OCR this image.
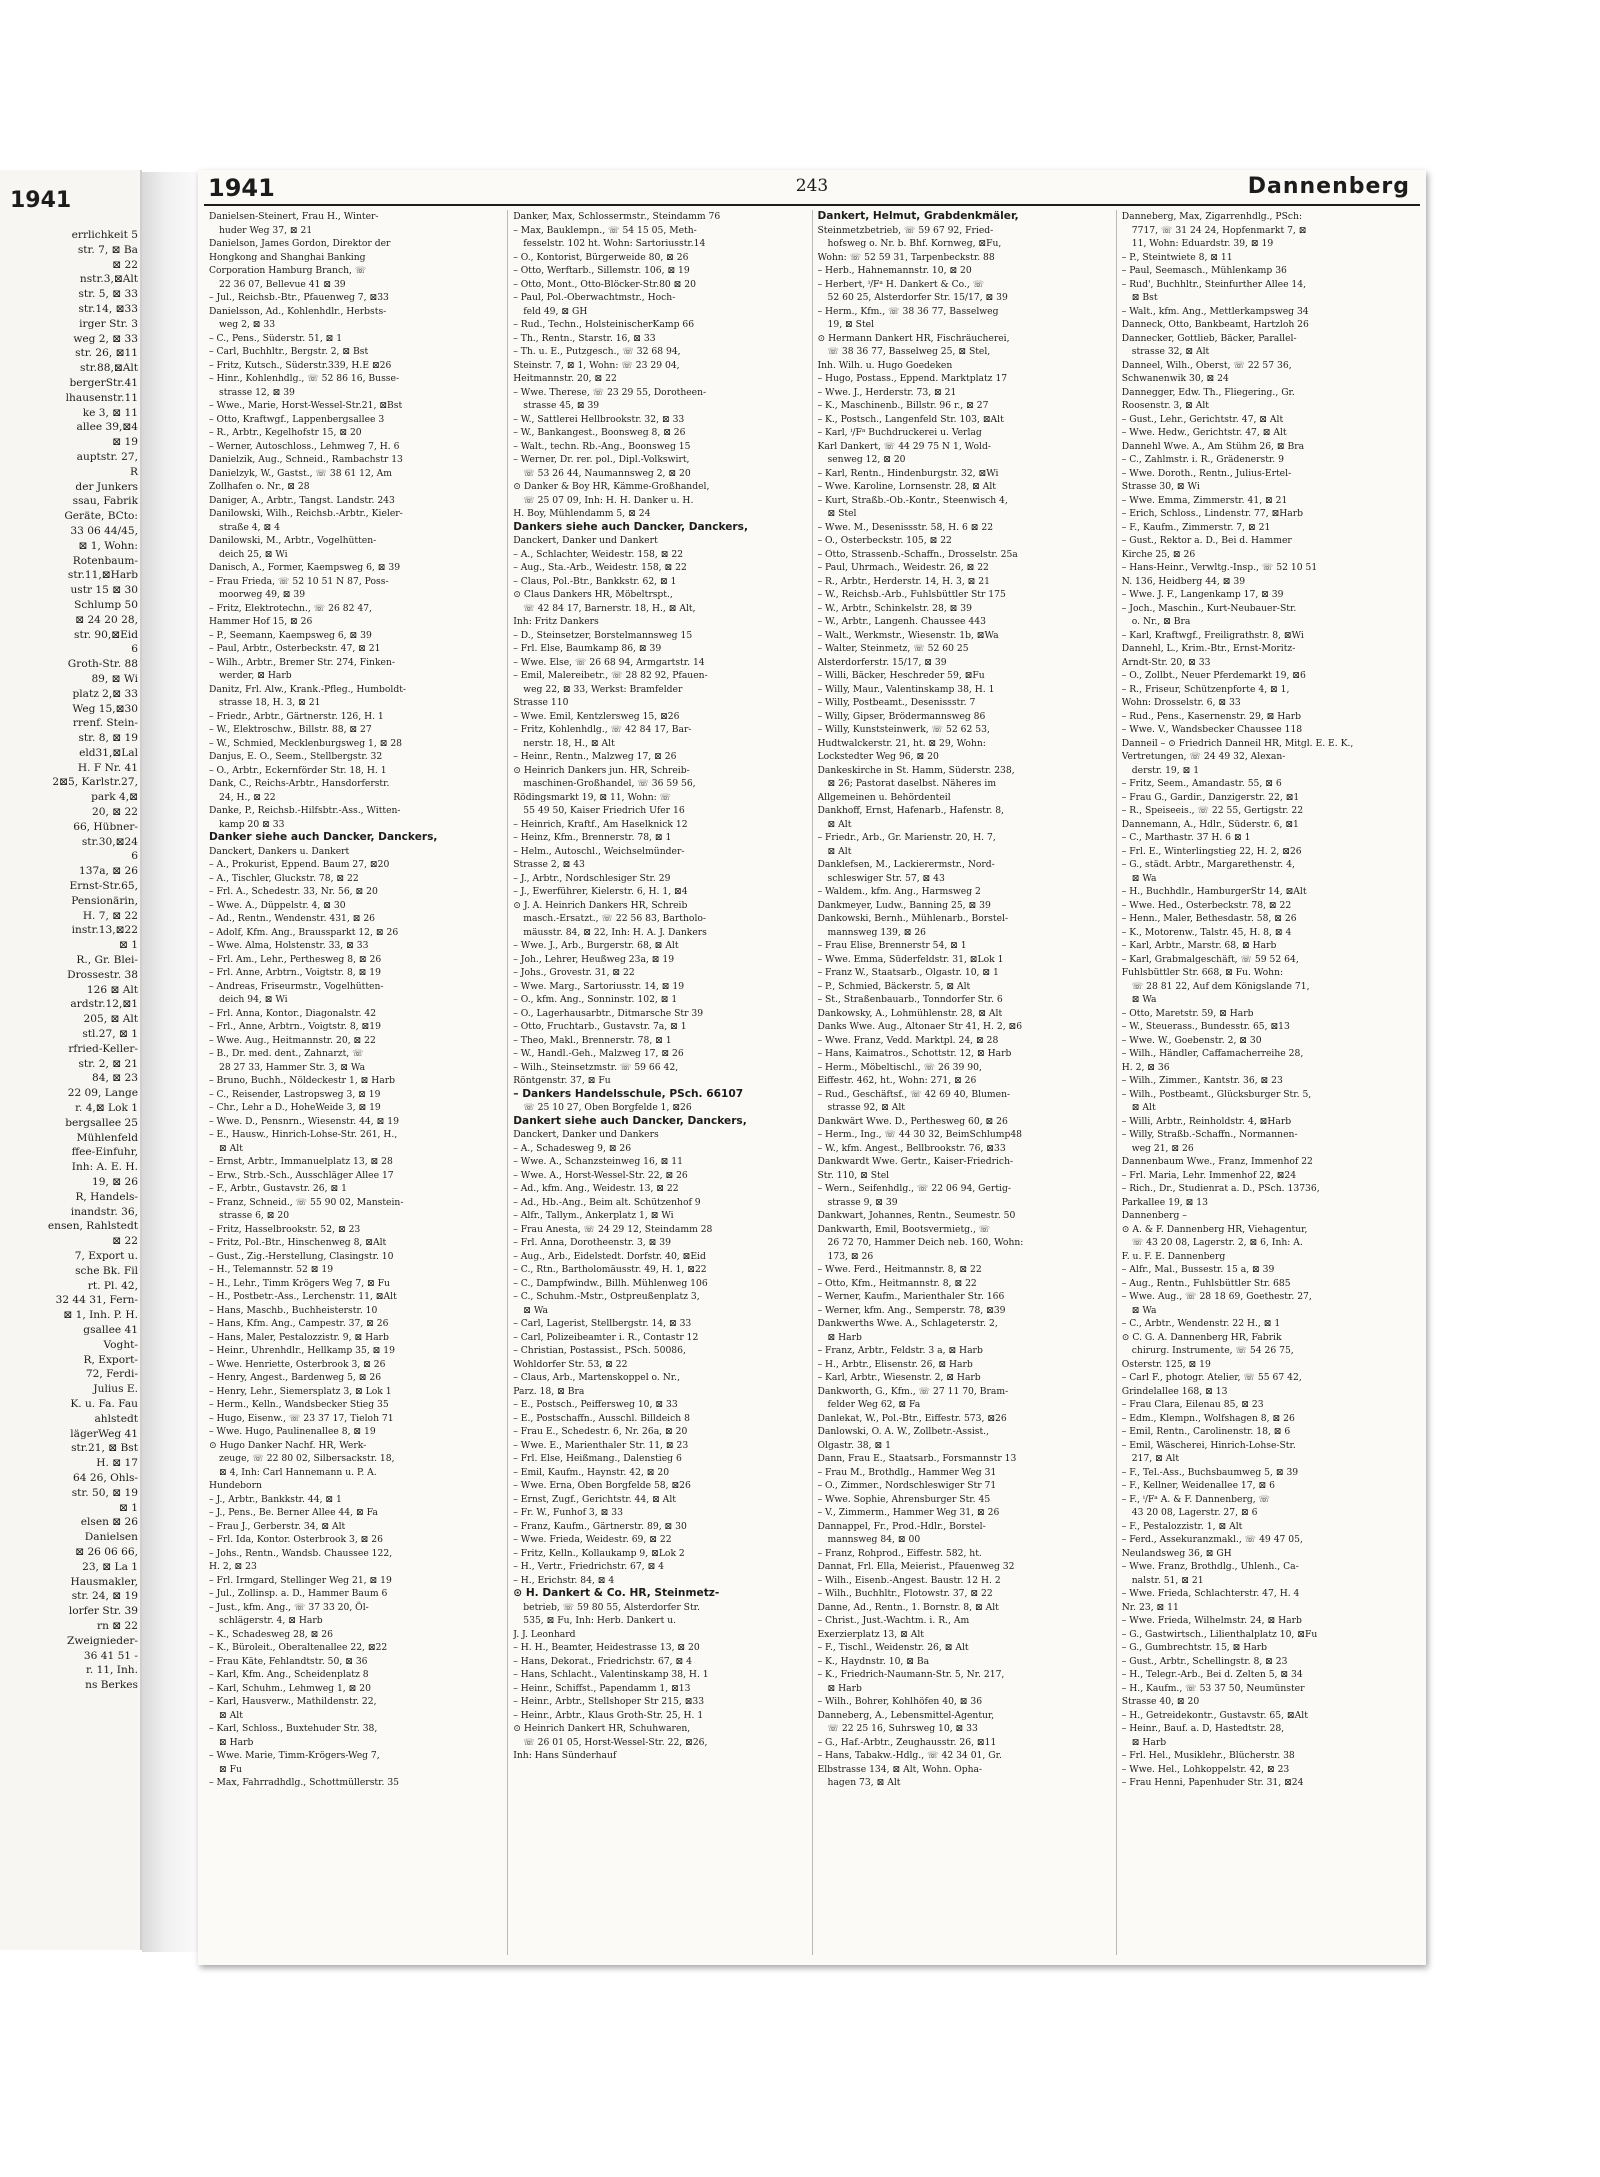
1941
errlichkeit 5
str. 7, ⊠ Ba
⊠ 22
nstr.3,⊠Alt
str. 5, ⊠ 33
str.14, ⊠33
irger Str. 3
weg 2, ⊠ 33
str. 26, ⊠11
str.88,⊠Alt
bergerStr.41
lhausenstr.11
ke 3, ⊠ 11
allee 39,⊠4
⊠ 19
auptstr. 27,
R
der Junkers
ssau, Fabrik
Geräte, BCto:
33 06 44/45,
⊠ 1, Wohn:
Rotenbaum-
str.11,⊠Harb
ustr 15 ⊠ 30
Schlump 50
⊠ 24 20 28,
str. 90,⊠Eid
6
Groth-Str. 88
89, ⊠ Wi
platz 2,⊠ 33
Weg 15,⊠30
rrenf. Stein-
str. 8, ⊠ 19
eld31,⊠Lal
H. F Nr. 41
2⊠5, Karlstr.27,
park 4,⊠
20, ⊠ 22
66, Hübner-
str.30,⊠24
6
137a, ⊠ 26
Ernst-Str.65,
Pensionärin,
H. 7, ⊠ 22
instr.13,⊠22
⊠ 1
R., Gr. Blei-
Drossestr. 38
126 ⊠ Alt
ardstr.12,⊠1
205, ⊠ Alt
stl.27, ⊠ 1
rfried-Keller-
str. 2, ⊠ 21
84, ⊠ 23
22 09, Lange
r. 4,⊠ Lok 1
bergsallee 25
Mühlenfeld
ffee-Einfuhr,
Inh: A. E. H.
19, ⊠ 26
R, Handels-
inandstr. 36,
ensen, Rahlstedt
⊠ 22
7, Export u.
sche Bk. Fil
rt. Pl. 42,
32 44 31, Fern-
⊠ 1, Inh. P. H.
gsallee 41
Voght-
R, Export-
72, Ferdi-
Julius E.
K. u. Fa. Fau
ahlstedt
lägerWeg 41
str.21, ⊠ Bst
H. ⊠ 17
64 26, Ohls-
str. 50, ⊠ 19
⊠ 1
elsen ⊠ 26
Danielsen
⊠ 26 06 66,
23, ⊠ La 1
Hausmakler,
str. 24, ⊠ 19
lorfer Str. 39
rn ⊠ 22
Zweignieder-
36 41 51 -
r. 11, Inh.
ns Berkes
1941	243	Dannenberg

Danielsen-Steinert, Frau H., Winter-

huder Weg 37, ⊠ 21

Danielson, James Gordon, Direktor der

Hongkong and Shanghai Banking

Corporation Hamburg Branch, ☏

22 36 07, Bellevue 41 ⊠ 39

– Jul., Reichsb.-Btr., Pfauenweg 7, ⊠33

Danielsson, Ad., Kohlenhdlr., Herbsts-

weg 2, ⊠ 33

– C., Pens., Süderstr. 51, ⊠ 1

– Carl, Buchhltr., Bergstr. 2, ⊠ Bst

– Fritz, Kutsch., Süderstr.339, H.E ⊠26

– Hinr., Kohlenhdlg., ☏ 52 86 16, Busse-

strasse 12, ⊠ 39

– Wwe., Marie, Horst-Wessel-Str.21, ⊠Bst

– Otto, Kraftwgf., Lappenbergsallee 3

– R., Arbtr., Kegelhofstr 15, ⊠ 20

– Werner, Autoschloss., Lehmweg 7, H. 6

Danielzik, Aug., Schneid., Rambachstr 13

Danielzyk, W., Gastst., ☏ 38 61 12, Am

Zollhafen o. Nr., ⊠ 28

Daniger, A., Arbtr., Tangst. Landstr. 243

Danilowski, Wilh., Reichsb.-Arbtr., Kieler-

straße 4, ⊠ 4

Danilowski, M., Arbtr., Vogelhütten-

deich 25, ⊠ Wi

Danisch, A., Former, Kaempsweg 6, ⊠ 39

– Frau Frieda, ☏ 52 10 51 N 87, Poss-

moorweg 49, ⊠ 39

– Fritz, Elektrotechn., ☏ 26 82 47,

Hammer Hof 15, ⊠ 26

– P., Seemann, Kaempsweg 6, ⊠ 39

– Paul, Arbtr., Osterbeckstr. 47, ⊠ 21

– Wilh., Arbtr., Bremer Str. 274, Finken-

werder, ⊠ Harb

Danitz, Frl. Alw., Krank.-Pfleg., Humboldt-

strasse 18, H. 3, ⊠ 21

– Friedr., Arbtr., Gärtnerstr. 126, H. 1

– W., Elektroschw., Billstr. 88, ⊠ 27

– W., Schmied, Mecklenburgsweg 1, ⊠ 28

Danjus, E. O., Seem., Stellbergstr. 32

– O., Arbtr., Eckernförder Str. 18, H. 1

Dank, C., Reichs-Arbtr., Hansdorferstr.

24, H., ⊠ 22

Danke, P., Reichsb.-Hilfsbtr.-Ass., Witten-

kamp 20 ⊠ 33

Danker siehe auch Dancker, Danckers,

Danckert, Dankers u. Dankert

– A., Prokurist, Eppend. Baum 27, ⊠20

– A., Tischler, Gluckstr. 78, ⊠ 22

– Frl. A., Schedestr. 33, Nr. 56, ⊠ 20

– Wwe. A., Düppelstr. 4, ⊠ 30

– Ad., Rentn., Wendenstr. 431, ⊠ 26

– Adolf, Kfm. Ang., Braussparkt 12, ⊠ 26

– Wwe. Alma, Holstenstr. 33, ⊠ 33

– Frl. Am., Lehr., Perthesweg 8, ⊠ 26

– Frl. Anne, Arbtrn., Voigtstr. 8, ⊠ 19

– Andreas, Friseurmstr., Vogelhütten-

deich 94, ⊠ Wi

– Frl. Anna, Kontor., Diagonalstr. 42

– Frl., Anne, Arbtrn., Voigtstr. 8, ⊠19

– Wwe. Aug., Heitmannstr. 20, ⊠ 22

– B., Dr. med. dent., Zahnarzt, ☏

28 27 33, Hammer Str. 3, ⊠ Wa

– Bruno, Buchh., Nöldeckestr 1, ⊠ Harb

– C., Reisender, Lastropsweg 3, ⊠ 19

– Chr., Lehr a D., HoheWeide 3, ⊠ 19

– Wwe. D., Pensnrn., Wiesenstr. 44, ⊠ 19

– E., Hausw., Hinrich-Lohse-Str. 261, H.,

⊠ Alt

– Ernst, Arbtr., Immanuelplatz 13, ⊠ 28

– Erw., Strb.-Sch., Ausschläger Allee 17

– F., Arbtr., Gustavstr. 26, ⊠ 1

– Franz, Schneid., ☏ 55 90 02, Manstein-

strasse 6, ⊠ 20

– Fritz, Hasselbrookstr. 52, ⊠ 23

– Fritz, Pol.-Btr., Hinschenweg 8, ⊠Alt

– Gust., Zig.-Herstellung, Clasingstr. 10

– H., Telemannstr. 52 ⊠ 19

– H., Lehr., Timm Krögers Weg 7, ⊠ Fu

– H., Postbetr.-Ass., Lerchenstr. 11, ⊠Alt

– Hans, Maschb., Buchheisterstr. 10

– Hans, Kfm. Ang., Campestr. 37, ⊠ 26

– Hans, Maler, Pestalozzistr. 9, ⊠ Harb

– Heinr., Uhrenhdlr., Hellkamp 35, ⊠ 19

– Wwe. Henriette, Osterbrook 3, ⊠ 26

– Henry, Angest., Bardenweg 5, ⊠ 26

– Henry, Lehr., Siemersplatz 3, ⊠ Lok 1

– Herm., Kelln., Wandsbecker Stieg 35

– Hugo, Eisenw., ☏ 23 37 17, Tieloh 71

– Wwe. Hugo, Paulinenallee 8, ⊠ 19

⊙ Hugo Danker Nachf. HR, Werk-

zeuge, ☏ 22 80 02, Silbersackstr. 18,

⊠ 4, Inh: Carl Hannemann u. P. A.

Hundeborn

– J., Arbtr., Bankkstr. 44, ⊠ 1

– J., Pens., Be. Berner Allee 44, ⊠ Fa

– Frau J., Gerberstr. 34, ⊠ Alt

– Frl. Ida, Kontor. Osterbrook 3, ⊠ 26

– Johs., Rentn., Wandsb. Chaussee 122,

H. 2, ⊠ 23

– Frl. Irmgard, Stellinger Weg 21, ⊠ 19

– Jul., Zollinsp. a. D., Hammer Baum 6

– Just., kfm. Ang., ☏ 37 33 20, Öl-

schlägerstr. 4, ⊠ Harb

– K., Schadesweg 28, ⊠ 26

– K., Büroleit., Oberaltenallee 22, ⊠22

– Frau Käte, Fehlandtstr. 50, ⊠ 36

– Karl, Kfm. Ang., Scheidenplatz 8

– Karl, Schuhm., Lehmweg 1, ⊠ 20

– Karl, Hausverw., Mathildenstr. 22,

⊠ Alt

– Karl, Schloss., Buxtehuder Str. 38,

⊠ Harb

– Wwe. Marie, Timm-Krögers-Weg 7,

⊠ Fu

– Max, Fahrradhdlg., Schottmüllerstr. 35

Danker, Max, Schlossermstr., Steindamm 76

– Max, Bauklempn., ☏ 54 15 05, Meth-

fesselstr. 102 ht. Wohn: Sartoriusstr.14

– O., Kontorist, Bürgerweide 80, ⊠ 26

– Otto, Werftarb., Sillemstr. 106, ⊠ 19

– Otto, Mont., Otto-Blöcker-Str.80 ⊠ 20

– Paul, Pol.-Oberwachtmstr., Hoch-

feld 49, ⊠ GH

– Rud., Techn., HolsteinischerKamp 66

– Th., Rentn., Starstr. 16, ⊠ 33

– Th. u. E., Putzgesch., ☏ 32 68 94,

Steinstr. 7, ⊠ 1, Wohn: ☏ 23 29 04,

Heitmannstr. 20, ⊠ 22

– Wwe. Therese, ☏ 23 29 55, Dorotheen-

strasse 45, ⊠ 39

– W., Sattlerei Hellbrookstr. 32, ⊠ 33

– W., Bankangest., Boonsweg 8, ⊠ 26

– Walt., techn. Rb.-Ang., Boonsweg 15

– Werner, Dr. rer. pol., Dipl.-Volkswirt,

☏ 53 26 44, Naumannsweg 2, ⊠ 20

⊙ Danker & Boy HR, Kämme-Großhandel,

☏ 25 07 09, Inh: H. H. Danker u. H.

H. Boy, Mühlendamm 5, ⊠ 24

Dankers siehe auch Dancker, Danckers,

Danckert, Danker und Dankert

– A., Schlachter, Weidestr. 158, ⊠ 22

– Aug., Sta.-Arb., Weidestr. 158, ⊠ 22

– Claus, Pol.-Btr., Bankkstr. 62, ⊠ 1

⊙ Claus Dankers HR, Möbeltrspt.,

☏ 42 84 17, Barnerstr. 18, H., ⊠ Alt,

Inh: Fritz Dankers

– D., Steinsetzer, Borstelmannsweg 15

– Frl. Else, Baumkamp 86, ⊠ 39

– Wwe. Else, ☏ 26 68 94, Armgartstr. 14

– Emil, Malereibetr., ☏ 28 82 92, Pfauen-

weg 22, ⊠ 33, Werkst: Bramfelder

Strasse 110

– Wwe. Emil, Kentzlersweg 15, ⊠26

– Fritz, Kohlenhdlg., ☏ 42 84 17, Bar-

nerstr. 18, H., ⊠ Alt

– Heinr., Rentn., Malzweg 17, ⊠ 26

⊙ Heinrich Dankers jun. HR, Schreib-

maschinen-Großhandel, ☏ 36 59 56,

Rödingsmarkt 19, ⊠ 11, Wohn: ☏

55 49 50, Kaiser Friedrich Ufer 16

– Heinrich, Kraftf., Am Haselknick 12

– Heinz, Kfm., Brennerstr. 78, ⊠ 1

– Helm., Autoschl., Weichselmünder-

Strasse 2, ⊠ 43

– J., Arbtr., Nordschlesiger Str. 29

– J., Ewerführer, Kielerstr. 6, H. 1, ⊠4

⊙ J. A. Heinrich Dankers HR, Schreib

masch.-Ersatzt., ☏ 22 56 83, Bartholo-

mäusstr. 84, ⊠ 22, Inh: H. A. J. Dankers

– Wwe. J., Arb., Burgerstr. 68, ⊠ Alt

– Joh., Lehrer, Heußweg 23a, ⊠ 19

– Johs., Grovestr. 31, ⊠ 22

– Wwe. Marg., Sartoriusstr. 14, ⊠ 19

– O., kfm. Ang., Sonninstr. 102, ⊠ 1

– O., Lagerhausarbtr., Ditmarsche Str 39

– Otto, Fruchtarb., Gustavstr. 7a, ⊠ 1

– Theo, Makl., Brennerstr. 78, ⊠ 1

– W., Handl.-Geh., Malzweg 17, ⊠ 26

– Wilh., Steinsetzmstr. ☏ 59 66 42,

Röntgenstr. 37, ⊠ Fu

– Dankers Handelsschule, PSch. 66107

☏ 25 10 27, Oben Borgfelde 1, ⊠26

Dankert siehe auch Dancker, Danckers,

Danckert, Danker und Dankers

– A., Schadesweg 9, ⊠ 26

– Wwe. A., Schanzsteinweg 16, ⊠ 11

– Wwe. A., Horst-Wessel-Str. 22, ⊠ 26

– Ad., kfm. Ang., Weidestr. 13, ⊠ 22

– Ad., Hb.-Ang., Beim alt. Schützenhof 9

– Alfr., Tallym., Ankerplatz 1, ⊠ Wi

– Frau Anesta, ☏ 24 29 12, Steindamm 28

– Frl. Anna, Dorotheenstr. 3, ⊠ 39

– Aug., Arb., Eidelstedt. Dorfstr. 40, ⊠Eid

– C., Rtn., Bartholomäusstr. 49, H. 1, ⊠22

– C., Dampfwindw., Billh. Mühlenweg 106

– C., Schuhm.-Mstr., Ostpreußenplatz 3,

⊠ Wa

– Carl, Lagerist, Stellbergstr. 14, ⊠ 33

– Carl, Polizeibeamter i. R., Contastr 12

– Christian, Postassist., PSch. 50086,

Wohldorfer Str. 53, ⊠ 22

– Claus, Arb., Martenskoppel o. Nr.,

Parz. 18, ⊠ Bra

– E., Postsch., Peiffersweg 10, ⊠ 33

– E., Postschaffn., Ausschl. Billdeich 8

– Frau E., Schedestr. 6, Nr. 26a, ⊠ 20

– Wwe. E., Marienthaler Str. 11, ⊠ 23

– Frl. Else, Heißmang., Dalenstieg 6

– Emil, Kaufm., Haynstr. 42, ⊠ 20

– Wwe. Erna, Oben Borgfelde 58, ⊠26

– Ernst, Zugf., Gerichtstr. 44, ⊠ Alt

– Fr. W., Funhof 3, ⊠ 33

– Franz, Kaufm., Gärtnerstr. 89, ⊠ 30

– Wwe. Frieda, Weidestr. 69, ⊠ 22

– Fritz, Kelln., Kollaukamp 9, ⊠Lok 2

– H., Vertr., Friedrichstr. 67, ⊠ 4

– H., Erichstr. 84, ⊠ 4

⊙ H. Dankert & Co. HR, Steinmetz-

betrieb, ☏ 59 80 55, Alsterdorfer Str.

535, ⊠ Fu, Inh: Herb. Dankert u.

J. J. Leonhard

– H. H., Beamter, Heidestrasse 13, ⊠ 20

– Hans, Dekorat., Friedrichstr. 67, ⊠ 4

– Hans, Schlacht., Valentinskamp 38, H. 1

– Heinr., Schiffst., Papendamm 1, ⊠13

– Heinr., Arbtr., Stellshoper Str 215, ⊠33

– Heinr., Arbtr., Klaus Groth-Str. 25, H. 1

⊙ Heinrich Dankert HR, Schuhwaren,

☏ 26 01 05, Horst-Wessel-Str. 22, ⊠26,

Inh: Hans Sünderhauf

Dankert, Helmut, Grabdenkmäler,

Steinmetzbetrieb, ☏ 59 67 92, Fried-

hofsweg o. Nr. b. Bhf. Kornweg, ⊠Fu,

Wohn: ☏ 52 59 31, Tarpenbeckstr. 88

– Herb., Hahnemannstr. 10, ⊠ 20

– Herbert, ⁱ/Fᵃ H. Dankert & Co., ☏

52 60 25, Alsterdorfer Str. 15/17, ⊠ 39

– Herm., Kfm., ☏ 38 36 77, Basselweg

19, ⊠ Stel

⊙ Hermann Dankert HR, Fischräucherei,

☏ 38 36 77, Basselweg 25, ⊠ Stel,

Inh. Wilh. u. Hugo Goedeken

– Hugo, Postass., Eppend. Marktplatz 17

– Wwe. J., Herderstr. 73, ⊠ 21

– K., Maschinenb., Billstr. 96 r., ⊠ 27

– K., Postsch., Langenfeld Str. 103, ⊠Alt

– Karl, ⁱ/Fᵃ Buchdruckerei u. Verlag

Karl Dankert, ☏ 44 29 75 N 1, Wold-

senweg 12, ⊠ 20

– Karl, Rentn., Hindenburgstr. 32, ⊠Wi

– Wwe. Karoline, Lornsenstr. 28, ⊠ Alt

– Kurt, Straßb.-Ob.-Kontr., Steenwisch 4,

⊠ Stel

– Wwe. M., Desenissstr. 58, H. 6 ⊠ 22

– O., Osterbeckstr. 105, ⊠ 22

– Otto, Strassenb.-Schaffn., Drosselstr. 25a

– Paul, Uhrmach., Weidestr. 26, ⊠ 22

– R., Arbtr., Herderstr. 14, H. 3, ⊠ 21

– W., Reichsb.-Arb., Fuhlsbüttler Str 175

– W., Arbtr., Schinkelstr. 28, ⊠ 39

– W., Arbtr., Langenh. Chaussee 443

– Walt., Werkmstr., Wiesenstr. 1b, ⊠Wa

– Walter, Steinmetz, ☏ 52 60 25

Alsterdorferstr. 15/17, ⊠ 39

– Willi, Bäcker, Heschreder 59, ⊠Fu

– Willy, Maur., Valentinskamp 38, H. 1

– Willy, Postbeamt., Desenissstr. 7

– Willy, Gipser, Brödermannsweg 86

– Willy, Kunststeinwerk, ☏ 52 62 53,

Hudtwalckerstr. 21, ht. ⊠ 29, Wohn:

Lockstedter Weg 96, ⊠ 20

Dankeskirche in St. Hamm, Süderstr. 238,

⊠ 26; Pastorat daselbst. Näheres im

Allgemeinen u. Behördenteil

Dankhoff, Ernst, Hafenarb., Hafenstr. 8,

⊠ Alt

– Friedr., Arb., Gr. Marienstr. 20, H. 7,

⊠ Alt

Danklefsen, M., Lackierermstr., Nord-

schleswiger Str. 57, ⊠ 43

– Waldem., kfm. Ang., Harmsweg 2

Dankmeyer, Ludw., Banning 25, ⊠ 39

Dankowski, Bernh., Mühlenarb., Borstel-

mannsweg 139, ⊠ 26

– Frau Elise, Brennerstr 54, ⊠ 1

– Wwe. Emma, Süderfeldstr. 31, ⊠Lok 1

– Franz W., Staatsarb., Olgastr. 10, ⊠ 1

– P., Schmied, Bäckerstr. 5, ⊠ Alt

– St., Straßenbauarb., Tonndorfer Str. 6

Dankowsky, A., Lohmühlenstr. 28, ⊠ Alt

Danks Wwe. Aug., Altonaer Str 41, H. 2, ⊠6

– Wwe. Franz, Vedd. Marktpl. 24, ⊠ 28

– Hans, Kaimatros., Schottstr. 12, ⊠ Harb

– Herm., Möbeltischl., ☏ 26 39 90,

Eiffestr. 462, ht., Wohn: 271, ⊠ 26

– Rud., Geschäftsf., ☏ 42 69 40, Blumen-

strasse 92, ⊠ Alt

Dankwärt Wwe. D., Perthesweg 60, ⊠ 26

– Herm., Ing., ☏ 44 30 32, BeimSchlump48

– W., kfm. Angest., Bellbrookstr. 76, ⊠33

Dankwardt Wwe. Gertr., Kaiser-Friedrich-

Str. 110, ⊠ Stel

– Wern., Seifenhdlg., ☏ 22 06 94, Gertig-

strasse 9, ⊠ 39

Dankwart, Johannes, Rentn., Seumestr. 50

Dankwarth, Emil, Bootsvermietg., ☏

26 72 70, Hammer Deich neb. 160, Wohn:

173, ⊠ 26

– Wwe. Ferd., Heitmannstr. 8, ⊠ 22

– Otto, Kfm., Heitmannstr. 8, ⊠ 22

– Werner, Kaufm., Marienthaler Str. 166

– Werner, kfm. Ang., Semperstr. 78, ⊠39

Dankwerths Wwe. A., Schlageterstr. 2,

⊠ Harb

– Franz, Arbtr., Feldstr. 3 a, ⊠ Harb

– H., Arbtr., Elisenstr. 26, ⊠ Harb

– Karl, Arbtr., Wiesenstr. 2, ⊠ Harb

Dankworth, G., Kfm., ☏ 27 11 70, Bram-

felder Weg 62, ⊠ Fa

Danlekat, W., Pol.-Btr., Eiffestr. 573, ⊠26

Danlowski, O. A. W., Zollbetr.-Assist.,

Olgastr. 38, ⊠ 1

Dann, Frau E., Staatsarb., Forsmannstr 13

– Frau M., Brothdlg., Hammer Weg 31

– O., Zimmer., Nordschleswiger Str 71

– Wwe. Sophie, Ahrensburger Str. 45

– V., Zimmerm., Hammer Weg 31, ⊠ 26

Dannappel, Fr., Prod.-Hdlr., Borstel-

mannsweg 84, ⊠ 00

– Franz, Rohprod., Eiffestr. 582, ht.

Dannat, Frl. Ella, Meierist., Pfauenweg 32

– Wilh., Eisenb.-Angest. Baustr. 12 H. 2

– Wilh., Buchhltr., Flotowstr. 37, ⊠ 22

Danne, Ad., Rentn., 1. Bornstr. 8, ⊠ Alt

– Christ., Just.-Wachtm. i. R., Am

Exerzierplatz 13, ⊠ Alt

– F., Tischl., Weidenstr. 26, ⊠ Alt

– K., Haydnstr. 10, ⊠ Ba

– K., Friedrich-Naumann-Str. 5, Nr. 217,

⊠ Harb

– Wilh., Bohrer, Kohlhöfen 40, ⊠ 36

Danneberg, A., Lebensmittel-Agentur,

☏ 22 25 16, Suhrsweg 10, ⊠ 33

– G., Haf.-Arbtr., Zeughausstr. 26, ⊠11

– Hans, Tabakw.-Hdlg., ☏ 42 34 01, Gr.

Elbstrasse 134, ⊠ Alt, Wohn. Opha-

hagen 73, ⊠ Alt

Danneberg, Max, Zigarrenhdlg., PSch:

7717, ☏ 31 24 24, Hopfenmarkt 7, ⊠

11, Wohn: Eduardstr. 39, ⊠ 19

– P., Steintwiete 8, ⊠ 11

– Paul, Seemasch., Mühlenkamp 36

– Rud', Buchhltr., Steinfurther Allee 14,

⊠ Bst

– Walt., kfm. Ang., Mettlerkampsweg 34

Danneck, Otto, Bankbeamt, Hartzloh 26

Dannecker, Gottlieb, Bäcker, Parallel-

strasse 32, ⊠ Alt

Danneel, Wilh., Oberst, ☏ 22 57 36,

Schwanenwik 30, ⊠ 24

Dannegger, Edw. Th., Fliegering., Gr.

Roosenstr. 3, ⊠ Alt

– Gust., Lehr., Gerichtstr. 47, ⊠ Alt

– Wwe. Hedw., Gerichtstr. 47, ⊠ Alt

Dannehl Wwe. A., Am Stühm 26, ⊠ Bra

– C., Zahlmstr. i. R., Grädenerstr. 9

– Wwe. Doroth., Rentn., Julius-Ertel-

Strasse 30, ⊠ Wi

– Wwe. Emma, Zimmerstr. 41, ⊠ 21

– Erich, Schloss., Lindenstr. 77, ⊠Harb

– F., Kaufm., Zimmerstr. 7, ⊠ 21

– Gust., Rektor a. D., Bei d. Hammer

Kirche 25, ⊠ 26

– Hans-Heinr., Verwltg.-Insp., ☏ 52 10 51

N. 136, Heidberg 44, ⊠ 39

– Wwe. J. F., Langenkamp 17, ⊠ 39

– Joch., Maschin., Kurt-Neubauer-Str.

o. Nr., ⊠ Bra

– Karl, Kraftwgf., Freiligrathstr. 8, ⊠Wi

Dannehl, L., Krim.-Btr., Ernst-Moritz-

Arndt-Str. 20, ⊠ 33

– O., Zollbt., Neuer Pferdemarkt 19, ⊠6

– R., Friseur, Schützenpforte 4, ⊠ 1,

Wohn: Drosselstr. 6, ⊠ 33

– Rud., Pens., Kasernenstr. 29, ⊠ Harb

– Wwe. V., Wandsbecker Chaussee 118

Danneil – ⊙ Friedrich Danneil HR, Mitgl. E. E. K.,

Vertretungen, ☏ 24 49 32, Alexan-

derstr. 19, ⊠ 1

– Fritz, Seem., Amandastr. 55, ⊠ 6

– Frau G., Gardir., Danzigerstr. 22, ⊠1

– R., Speiseeis., ☏ 22 55, Gertigstr. 22

Dannemann, A., Hdlr., Süderstr. 6, ⊠1

– C., Marthastr. 37 H. 6 ⊠ 1

– Frl. E., Winterlingstieg 22, H. 2, ⊠26

– G., städt. Arbtr., Margarethenstr. 4,

⊠ Wa

– H., Buchhdlr., HamburgerStr 14, ⊠Alt

– Wwe. Hed., Osterbeckstr. 78, ⊠ 22

– Henn., Maler, Bethesdastr. 58, ⊠ 26

– K., Motorenw., Talstr. 45, H. 8, ⊠ 4

– Karl, Arbtr., Marstr. 68, ⊠ Harb

– Karl, Grabmalgeschäft, ☏ 59 52 64,

Fuhlsbüttler Str. 668, ⊠ Fu. Wohn:

☏ 28 81 22, Auf dem Königslande 71,

⊠ Wa

– Otto, Maretstr. 59, ⊠ Harb

– W., Steuerass., Bundesstr. 65, ⊠13

– Wwe. W., Goebenstr. 2, ⊠ 30

– Wilh., Händler, Caffamacherreihe 28,

H. 2, ⊠ 36

– Wilh., Zimmer., Kantstr. 36, ⊠ 23

– Wilh., Postbeamt., Glücksburger Str. 5,

⊠ Alt

– Willi, Arbtr., Reinholdstr. 4, ⊠Harb

– Willy, Straßb.-Schaffn., Normannen-

weg 21, ⊠ 26

Dannenbaum Wwe., Franz, Immenhof 22

– Frl. Maria, Lehr. Immenhof 22, ⊠24

– Rich., Dr., Studienrat a. D., PSch. 13736,

Parkallee 19, ⊠ 13

Dannenberg –

⊙ A. & F. Dannenberg HR, Viehagentur,

☏ 43 20 08, Lagerstr. 2, ⊠ 6, Inh: A.

F. u. F. E. Dannenberg

– Alfr., Mal., Bussestr. 15 a, ⊠ 39

– Aug., Rentn., Fuhlsbüttler Str. 685

– Wwe. Aug., ☏ 28 18 69, Goethestr. 27,

⊠ Wa

– C., Arbtr., Wendenstr. 22 H., ⊠ 1

⊙ C. G. A. Dannenberg HR, Fabrik

chirurg. Instrumente, ☏ 54 26 75,

Osterstr. 125, ⊠ 19

– Carl F., photogr. Atelier, ☏ 55 67 42,

Grindelallee 168, ⊠ 13

– Frau Clara, Eilenau 85, ⊠ 23

– Edm., Klempn., Wolfshagen 8, ⊠ 26

– Emil, Rentn., Carolinenstr. 18, ⊠ 6

– Emil, Wäscherei, Hinrich-Lohse-Str.

217, ⊠ Alt

– F., Tel.-Ass., Buchsbaumweg 5, ⊠ 39

– F., Kellner, Weidenallee 17, ⊠ 6

– F., ⁱ/Fᵃ A. & F. Dannenberg, ☏

43 20 08, Lagerstr. 27, ⊠ 6

– F., Pestalozzistr. 1, ⊠ Alt

– Ferd., Assekuranzmakl., ☏ 49 47 05,

Neulandsweg 36, ⊠ GH

– Wwe. Franz, Brothdlg., Uhlenh., Ca-

nalstr. 51, ⊠ 21

– Wwe. Frieda, Schlachterstr. 47, H. 4

Nr. 23, ⊠ 11

– Wwe. Frieda, Wilhelmstr. 24, ⊠ Harb

– G., Gastwirtsch., Lilienthalplatz 10, ⊠Fu

– G., Gumbrechtstr. 15, ⊠ Harb

– Gust., Arbtr., Schellingstr. 8, ⊠ 23

– H., Telegr.-Arb., Bei d. Zelten 5, ⊠ 34

– H., Kaufm., ☏ 53 37 50, Neumünster

Strasse 40, ⊠ 20

– H., Getreidekontr., Gustavstr. 65, ⊠Alt

– Heinr., Bauf. a. D, Hastedtstr. 28,

⊠ Harb

– Frl. Hel., Musiklehr., Blücherstr. 38

– Wwe. Hel., Lohkoppelstr. 42, ⊠ 23

– Frau Henni, Papenhuder Str. 31, ⊠24
